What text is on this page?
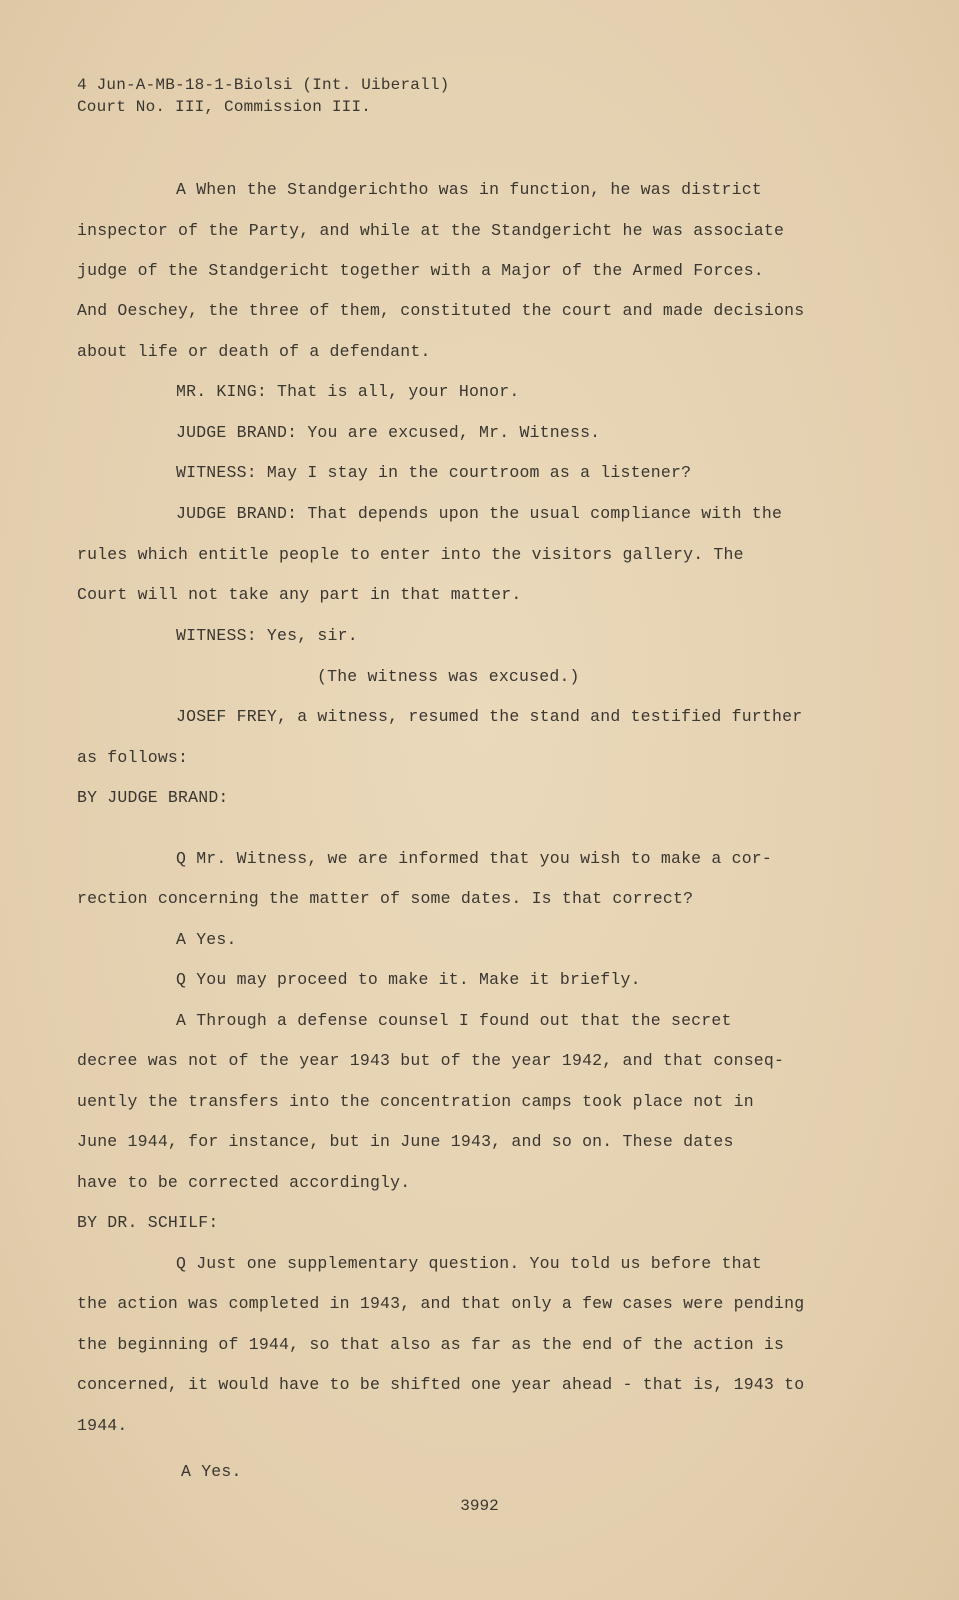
4 Jun-A-MB-18-1-Biolsi (Int. Uiberall)
Court No. III, Commission III.
A When the Standgerichtho was in function, he was district
inspector of the Party, and while at the Standgericht he was associate
judge of the Standgericht together with a Major of the Armed Forces.
And Oeschey, the three of them, constituted the court and made decisions
about life or death of a defendant.
MR. KING: That is all, your Honor.
JUDGE BRAND: You are excused, Mr. Witness.
WITNESS: May I stay in the courtroom as a listener?
JUDGE BRAND: That depends upon the usual compliance with the
rules which entitle people to enter into the visitors gallery. The
Court will not take any part in that matter.
WITNESS: Yes, sir.
(The witness was excused.)
JOSEF FREY, a witness, resumed the stand and testified further
as follows:
BY JUDGE BRAND:
Q Mr. Witness, we are informed that you wish to make a cor-
rection concerning the matter of some dates. Is that correct?
A Yes.
Q You may proceed to make it. Make it briefly.
A Through a defense counsel I found out that the secret
decree was not of the year 1943 but of the year 1942, and that conseq-
uently the transfers into the concentration camps took place not in
June 1944, for instance, but in June 1943, and so on. These dates
have to be corrected accordingly.
BY DR. SCHILF:
Q Just one supplementary question. You told us before that
the action was completed in 1943, and that only a few cases were pending
the beginning of 1944, so that also as far as the end of the action is
concerned, it would have to be shifted one year ahead - that is, 1943 to
1944.
A Yes.
3992
